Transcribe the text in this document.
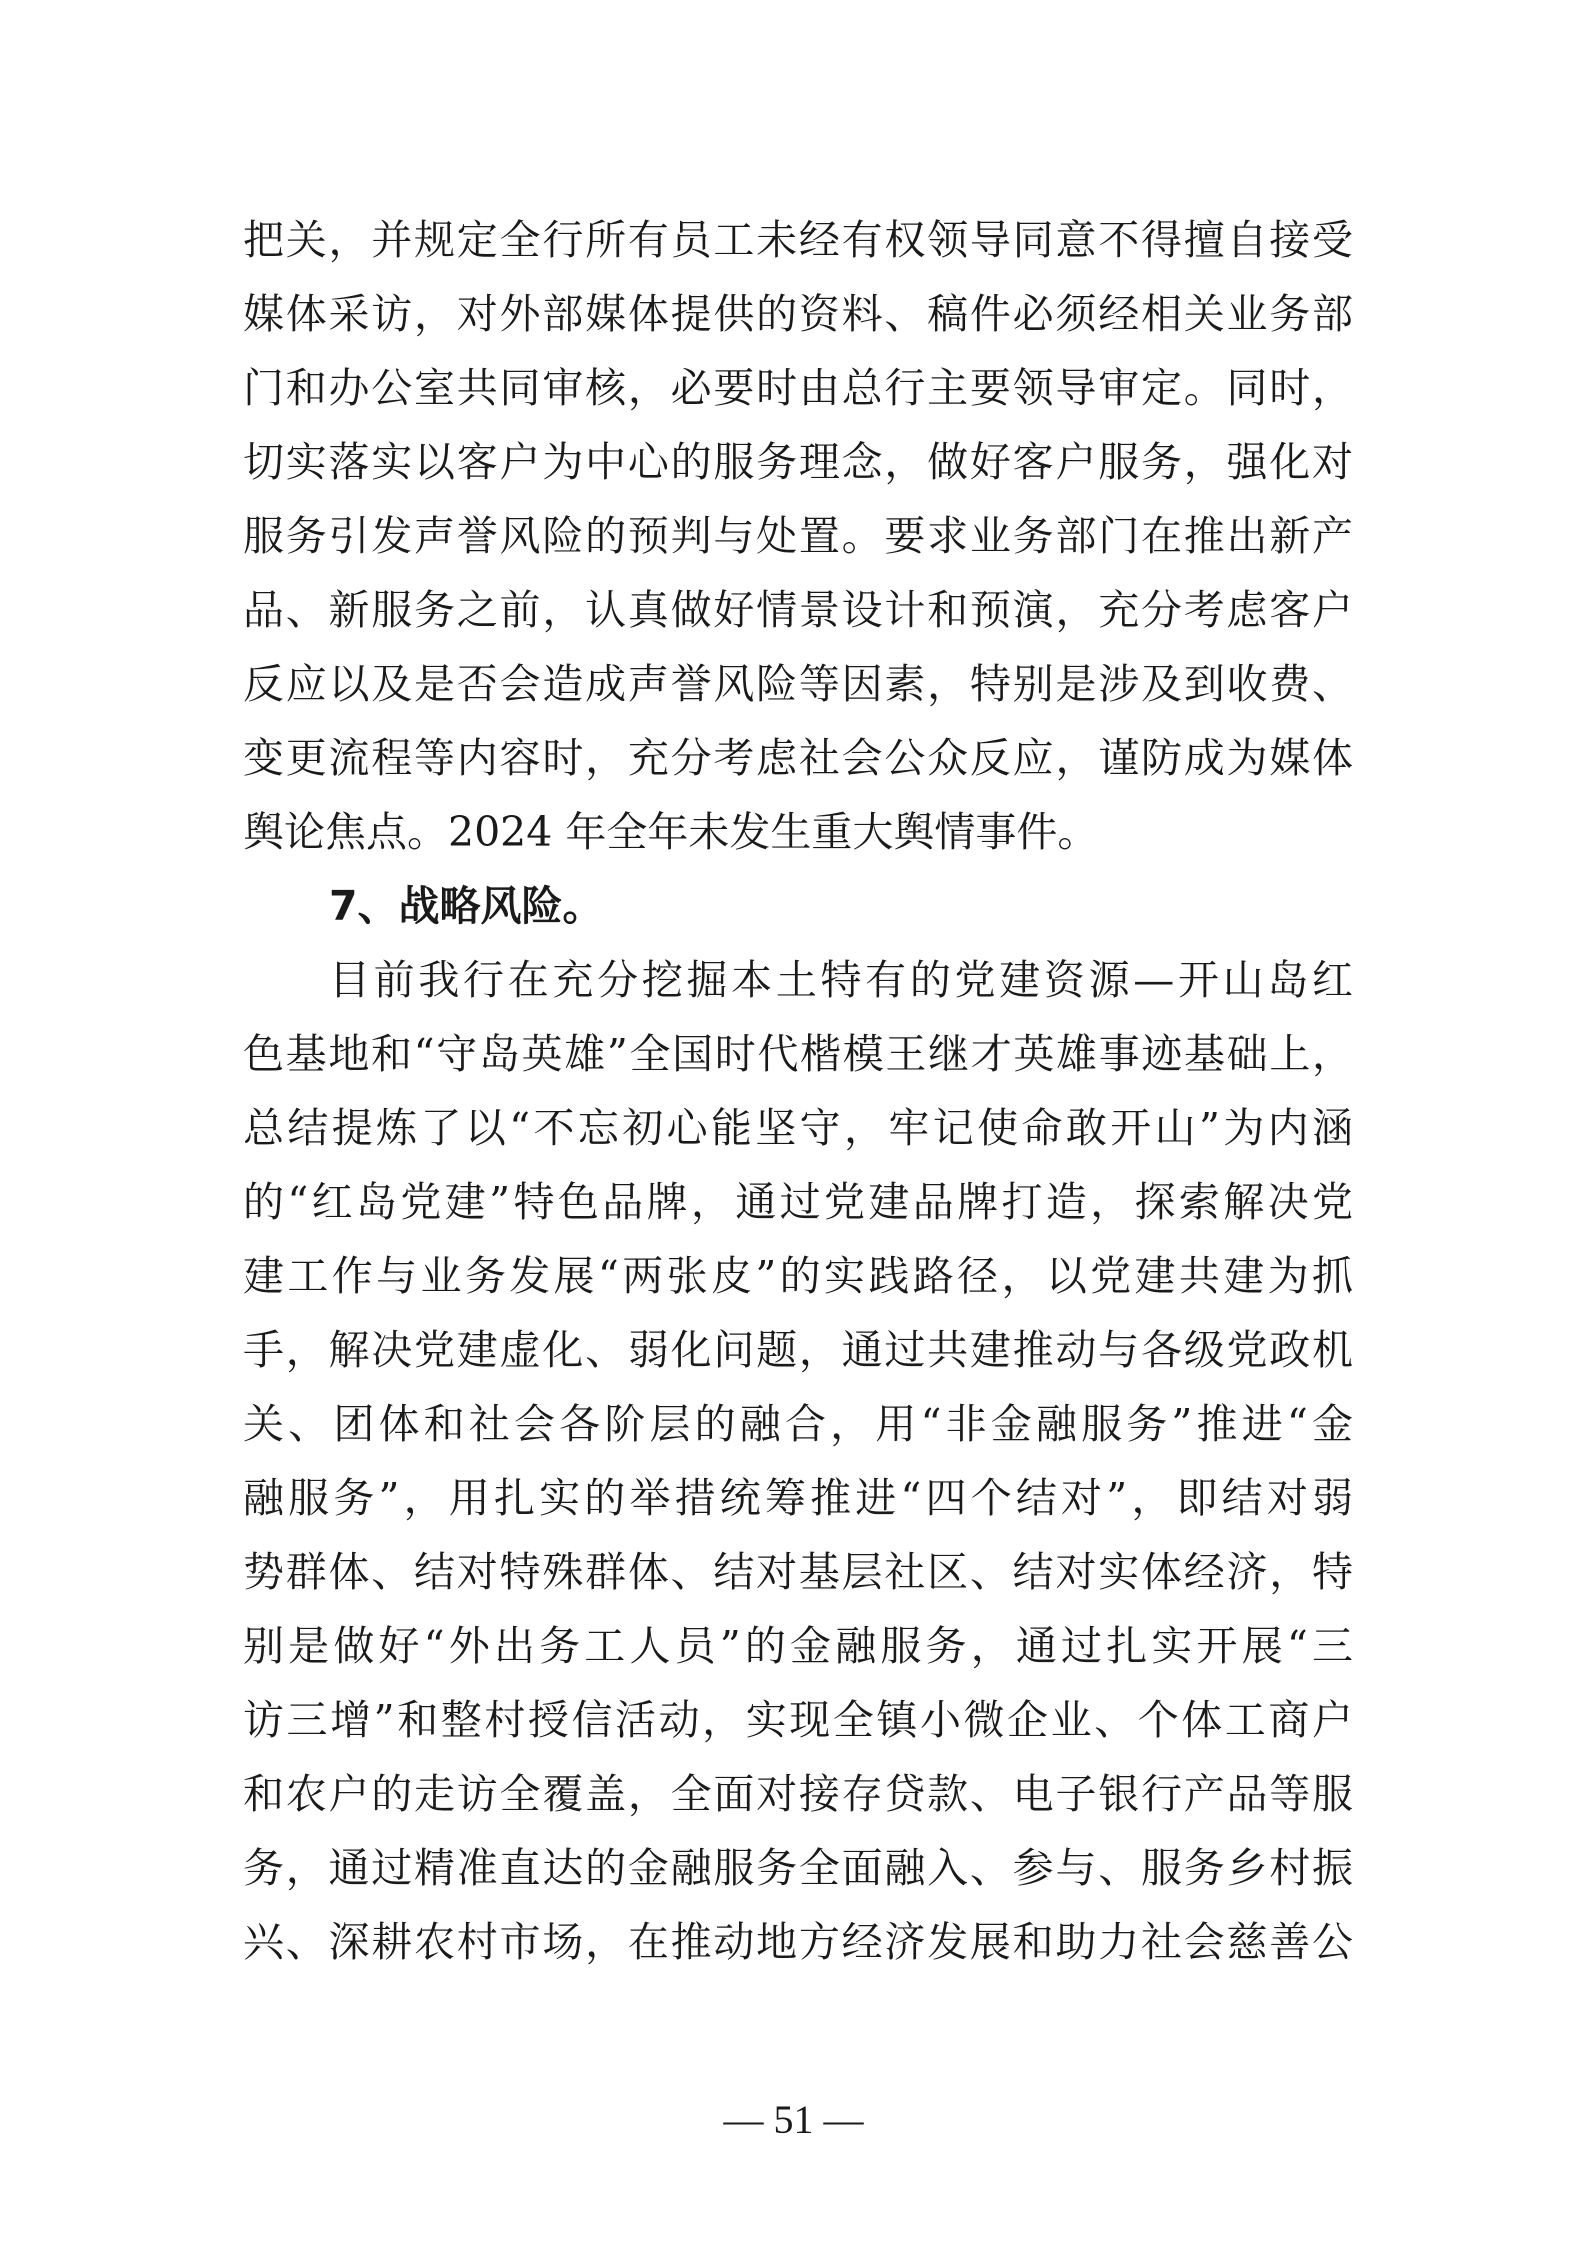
把关，并规定全行所有员工未经有权领导同意不得擅自接受
媒体采访，对外部媒体提供的资料、稿件必须经相关业务部
门和办公室共同审核，必要时由总行主要领导审定。同时，
切实落实以客户为中心的服务理念，做好客户服务，强化对
服务引发声誉风险的预判与处置。要求业务部门在推出新产
品、新服务之前，认真做好情景设计和预演，充分考虑客户
反应以及是否会造成声誉风险等因素，特别是涉及到收费、
变更流程等内容时，充分考虑社会公众反应，谨防成为媒体
舆论焦点。2024 年全年未发生重大舆情事件。
7、战略风险。
目前我行在充分挖掘本土特有的党建资源—开山岛红
色基地和“守岛英雄”全国时代楷模王继才英雄事迹基础上，
总结提炼了以“不忘初心能坚守，牢记使命敢开山”为内涵
的“红岛党建”特色品牌，通过党建品牌打造，探索解决党
建工作与业务发展“两张皮”的实践路径，以党建共建为抓
手，解决党建虚化、弱化问题，通过共建推动与各级党政机
关、团体和社会各阶层的融合，用“非金融服务”推进“金
融服务”，用扎实的举措统筹推进“四个结对”，即结对弱
势群体、结对特殊群体、结对基层社区、结对实体经济，特
别是做好“外出务工人员”的金融服务，通过扎实开展“三
访三增”和整村授信活动，实现全镇小微企业、个体工商户
和农户的走访全覆盖，全面对接存贷款、电子银行产品等服
务，通过精准直达的金融服务全面融入、参与、服务乡村振
兴、深耕农村市场，在推动地方经济发展和助力社会慈善公
— 51 —
